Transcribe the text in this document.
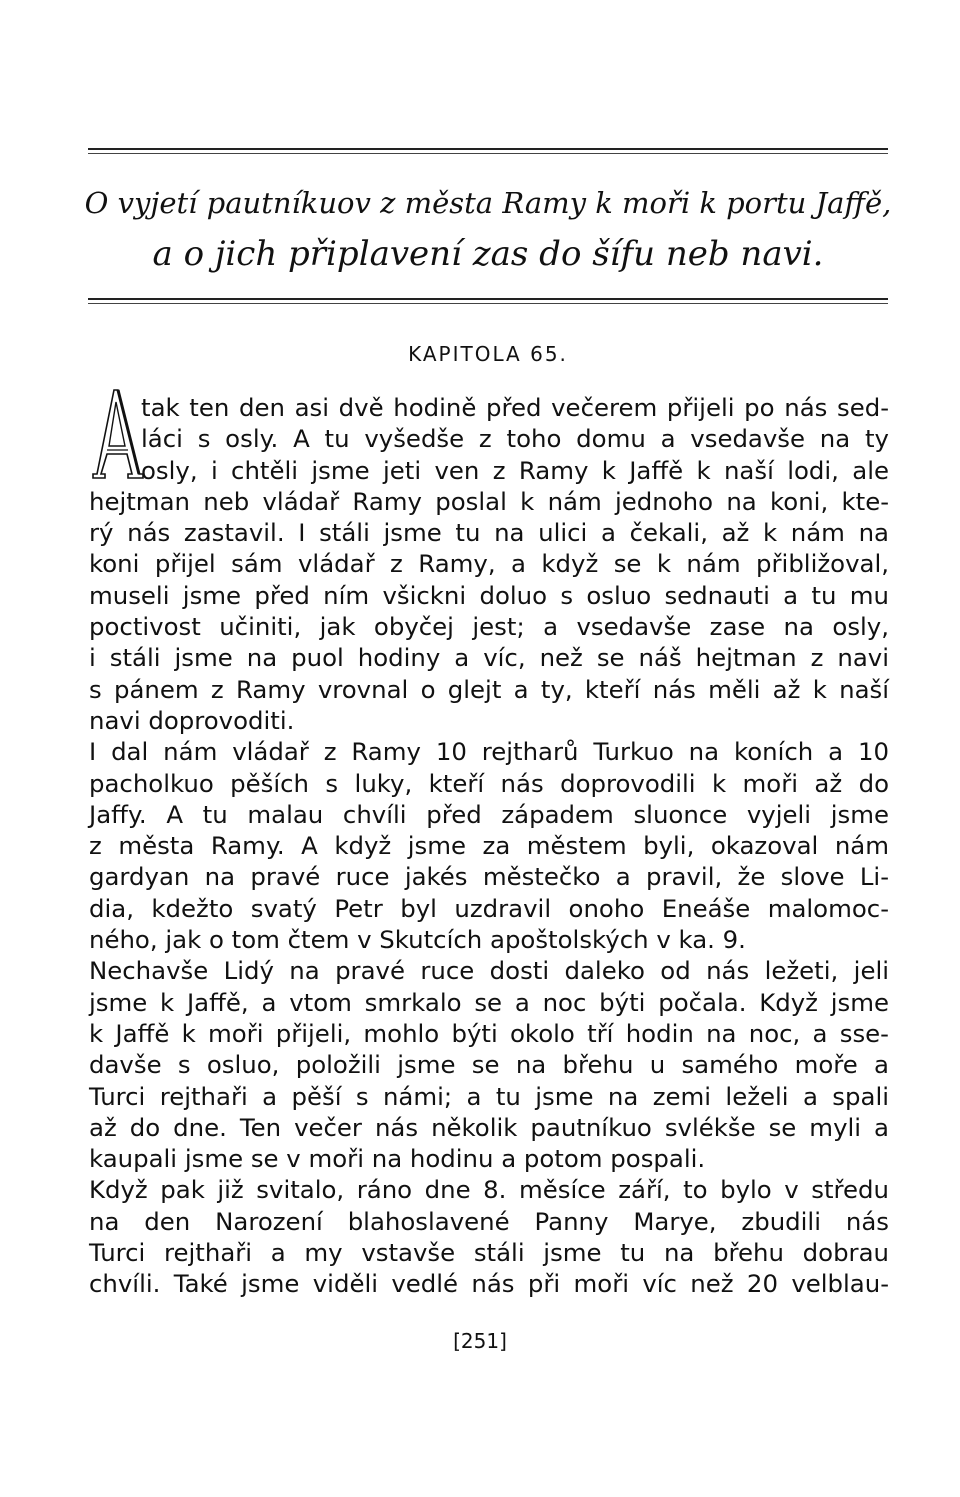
O vyjetí pautníkuov z města Ramy k moři k portu Jaffě,
a o jich připlavení zas do šífu neb navi.
KAPITOLA 65.
tak ten den asi dvě hodině před večerem přijeli po nás sed-
láci s osly. A tu vyšedše z toho domu a vsedavše na ty
osly, i chtěli jsme jeti ven z Ramy k Jaffě k naší lodi, ale
hejtman neb vládař Ramy poslal k nám jednoho na koni, kte-
rý nás zastavil. I stáli jsme tu na ulici a čekali, až k nám na
koni přijel sám vládař z Ramy, a když se k nám přibližoval,
museli jsme před ním všickni doluo s osluo sednauti a tu mu
poctivost učiniti, jak obyčej jest; a vsedavše zase na osly,
i stáli jsme na puol hodiny a víc, než se náš hejtman z navi
s pánem z Ramy vrovnal o glejt a ty, kteří nás měli až k naší
navi doprovoditi.
I dal nám vládař z Ramy 10 rejtharů Turkuo na koních a 10
pacholkuo pěších s luky, kteří nás doprovodili k moři až do
Jaffy. A tu malau chvíli před západem sluonce vyjeli jsme
z města Ramy. A když jsme za městem byli, okazoval nám
gardyan na pravé ruce jakés městečko a pravil, že slove Li-
dia, kdežto svatý Petr byl uzdravil onoho Eneáše malomoc-
ného, jak o tom čtem v Skutcích apoštolských v ka. 9.
Nechavše Lidý na pravé ruce dosti daleko od nás ležeti, jeli
jsme k Jaffě, a vtom smrkalo se a noc býti počala. Když jsme
k Jaffě k moři přijeli, mohlo býti okolo tří hodin na noc, a sse-
davše s osluo, položili jsme se na břehu u samého moře a
Turci rejthaři a pěší s námi; a tu jsme na zemi leželi a spali
až do dne. Ten večer nás několik pautníkuo svlékše se myli a
kaupali jsme se v moři na hodinu a potom pospali.
Když pak již svitalo, ráno dne 8. měsíce září, to bylo v středu
na den Narození blahoslavené Panny Marye, zbudili nás
Turci rejthaři a my vstavše stáli jsme tu na břehu dobrau
chvíli. Také jsme viděli vedlé nás při moři víc než 20 velblau-
[251]
